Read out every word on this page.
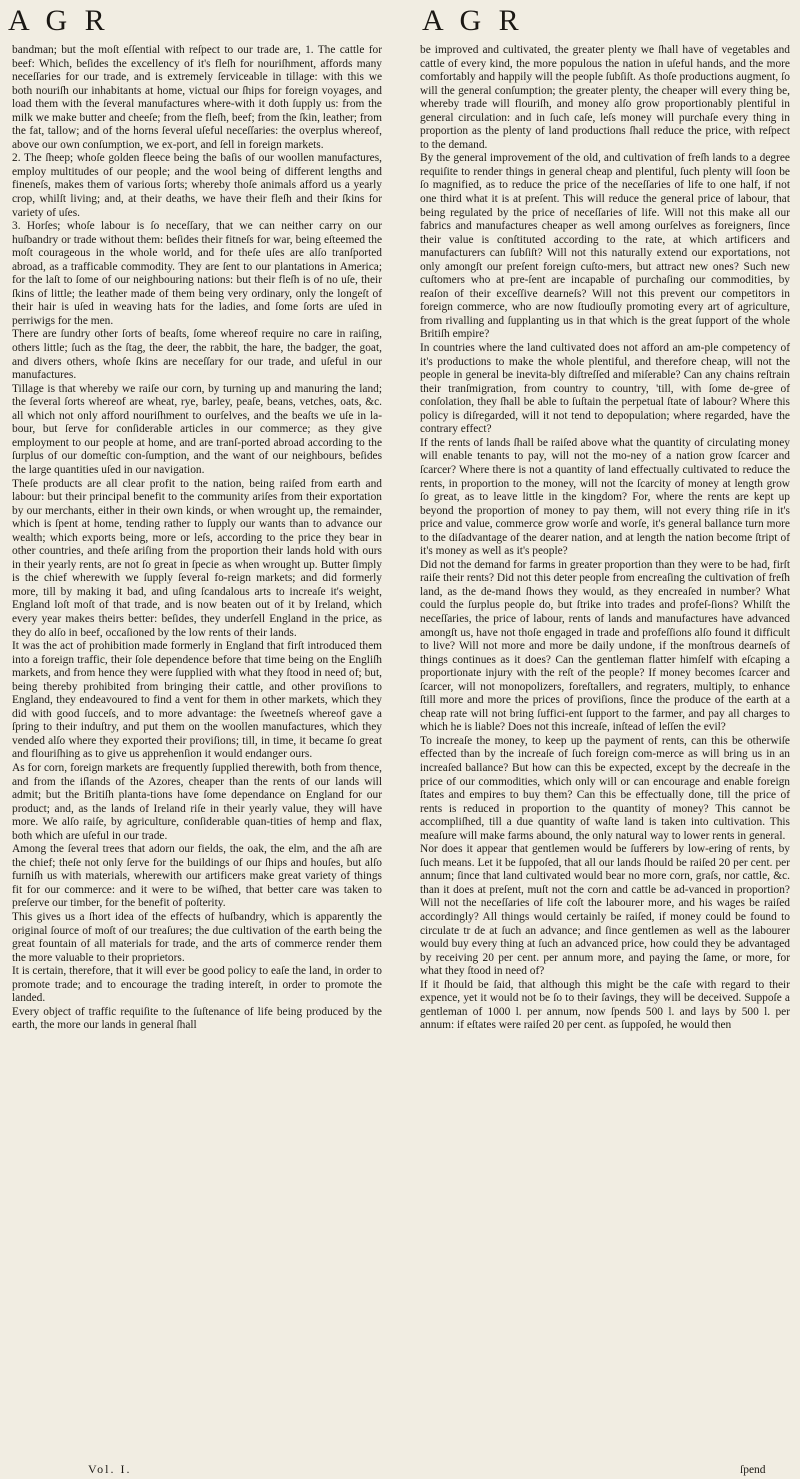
A G R	A G R

bandman; but the moſt eſſential with reſpect to our trade are, 1. The cattle for beef: Which, beſides the excellency of it's fleſh for nouriſhment, affords many neceſſaries for our trade, and is extremely ſerviceable in tillage: with this we both nouriſh our inhabitants at home, victual our ſhips for foreign voyages, and load them with the ſeveral manufactures where-with it doth ſupply us: from the milk we make butter and cheeſe; from the fleſh, beef; from the ſkin, leather; from the fat, tallow; and of the horns ſeveral uſeful neceſſaries: the overplus whereof, above our own conſumption, we ex-port, and ſell in foreign markets.

2. The ſheep; whoſe golden fleece being the baſis of our woollen manufactures, employ multitudes of our people; and the wool being of different lengths and fineneſs, makes them of various ſorts; whereby thoſe animals afford us a yearly crop, whilſt living; and, at their deaths, we have their fleſh and their ſkins for variety of uſes.

3. Horſes; whoſe labour is ſo neceſſary, that we can neither carry on our huſbandry or trade without them: beſides their fitneſs for war, being eſteemed the moſt courageous in the whole world, and for theſe uſes are alſo tranſported abroad, as a trafficable commodity. They are ſent to our plantations in America; for the laſt to ſome of our neighbouring nations: but their fleſh is of no uſe, their ſkins of little; the leather made of them being very ordinary, only the longeſt of their hair is uſed in weaving hats for the ladies, and ſome ſorts are uſed in perriwigs for the men.

There are ſundry other ſorts of beaſts, ſome whereof require no care in raiſing, others little; ſuch as the ſtag, the deer, the rabbit, the hare, the badger, the goat, and divers others, whoſe ſkins are neceſſary for our trade, and uſeful in our manufactures.

Tillage is that whereby we raiſe our corn, by turning up and manuring the land; the ſeveral ſorts whereof are wheat, rye, barley, peaſe, beans, vetches, oats, &c. all which not only afford nouriſhment to ourſelves, and the beaſts we uſe in la-bour, but ſerve for conſiderable articles in our commerce; as they give employment to our people at home, and are tranſ-ported abroad according to the ſurplus of our domeſtic con-ſumption, and the want of our neighbours, beſides the large quantities uſed in our navigation.

Theſe products are all clear profit to the nation, being raiſed from earth and labour: but their principal benefit to the community ariſes from their exportation by our merchants, either in their own kinds, or when wrought up, the remainder, which is ſpent at home, tending rather to ſupply our wants than to advance our wealth; which exports being, more or leſs, according to the price they bear in other countries, and theſe ariſing from the proportion their lands hold with ours in their yearly rents, are not ſo great in ſpecie as when wrought up. Butter ſimply is the chief wherewith we ſupply ſeveral fo-reign markets; and did formerly more, till by making it bad, and uſing ſcandalous arts to increaſe it's weight, England loſt moſt of that trade, and is now beaten out of it by Ireland, which every year makes theirs better: beſides, they underſell England in the price, as they do alſo in beef, occaſioned by the low rents of their lands.

It was the act of prohibition made formerly in England that firſt introduced them into a foreign traffic, their ſole dependence before that time being on the Engliſh markets, and from hence they were ſupplied with what they ſtood in need of; but, being thereby prohibited from bringing their cattle, and other proviſions to England, they endeavoured to find a vent for them in other markets, which they did with good ſucceſs, and to more advantage: the ſweetneſs whereof gave a ſpring to their induſtry, and put them on the woollen manufactures, which they vended alſo where they exported their proviſions; till, in time, it became ſo great and flouriſhing as to give us apprehenſion it would endanger ours.

As for corn, foreign markets are frequently ſupplied therewith, both from thence, and from the iſlands of the Azores, cheaper than the rents of our lands will admit; but the Britiſh planta-tions have ſome dependance on England for our product; and, as the lands of Ireland riſe in their yearly value, they will have more. We alſo raiſe, by agriculture, conſiderable quan-tities of hemp and flax, both which are uſeful in our trade.

Among the ſeveral trees that adorn our fields, the oak, the elm, and the aſh are the chief; theſe not only ſerve for the buildings of our ſhips and houſes, but alſo furniſh us with materials, wherewith our artificers make great variety of things fit for our commerce: and it were to be wiſhed, that better care was taken to preſerve our timber, for the benefit of poſterity.

This gives us a ſhort idea of the effects of huſbandry, which is apparently the original ſource of moſt of our treaſures; the due cultivation of the earth being the great fountain of all materials for trade, and the arts of commerce render them the more valuable to their proprietors.

It is certain, therefore, that it will ever be good policy to eaſe the land, in order to promote trade; and to encourage the trading intereſt, in order to promote the landed.

Every object of traffic requiſite to the ſuſtenance of life being produced by the earth, the more our lands in general ſhall

be improved and cultivated, the greater plenty we ſhall have of vegetables and cattle of every kind, the more populous the nation in uſeful hands, and the more comfortably and happily will the people ſubſiſt. As thoſe productions augment, ſo will the general conſumption; the greater plenty, the cheaper will every thing be, whereby trade will flouriſh, and money alſo grow proportionably plentiful in general circulation: and in ſuch caſe, leſs money will purchaſe every thing in proportion as the plenty of land productions ſhall reduce the price, with reſpect to the demand.

By the general improvement of the old, and cultivation of freſh lands to a degree requiſite to render things in general cheap and plentiful, ſuch plenty will ſoon be ſo magnified, as to reduce the price of the neceſſaries of life to one half, if not one third what it is at preſent. This will reduce the general price of labour, that being regulated by the price of neceſſaries of life. Will not this make all our fabrics and manufactures cheaper as well among ourſelves as foreigners, ſince their value is conſtituted according to the rate, at which artificers and manufacturers can ſubſiſt? Will not this naturally extend our exportations, not only amongſt our preſent foreign cuſto-mers, but attract new ones? Such new cuſtomers who at pre-ſent are incapable of purchaſing our commodities, by reaſon of their exceſſive dearneſs? Will not this prevent our competitors in foreign commerce, who are now ſtudiouſly promoting every art of agriculture, from rivalling and ſupplanting us in that which is the great ſupport of the whole Britiſh empire?

In countries where the land cultivated does not afford an am-ple competency of it's productions to make the whole plentiful, and therefore cheap, will not the people in general be inevita-bly diſtreſſed and miſerable? Can any chains reſtrain their tranſmigration, from country to country, 'till, with ſome de-gree of conſolation, they ſhall be able to ſuſtain the perpetual ſtate of labour? Where this policy is diſregarded, will it not tend to depopulation; where regarded, have the contrary effect?

If the rents of lands ſhall be raiſed above what the quantity of circulating money will enable tenants to pay, will not the mo-ney of a nation grow ſcarcer and ſcarcer? Where there is not a quantity of land effectually cultivated to reduce the rents, in proportion to the money, will not the ſcarcity of money at length grow ſo great, as to leave little in the kingdom? For, where the rents are kept up beyond the proportion of money to pay them, will not every thing riſe in it's price and value, commerce grow worſe and worſe, it's general ballance turn more to the diſadvantage of the dearer nation, and at length the nation become ſtript of it's money as well as it's people?

Did not the demand for farms in greater proportion than they were to be had, firſt raiſe their rents? Did not this deter people from encreaſing the cultivation of freſh land, as the de-mand ſhows they would, as they encreaſed in number? What could the ſurplus people do, but ſtrike into trades and profeſ-ſions? Whilſt the neceſſaries, the price of labour, rents of lands and manufactures have advanced amongſt us, have not thoſe engaged in trade and profeſſions alſo found it difficult to live? Will not more and more be daily undone, if the monſtrous dearneſs of things continues as it does? Can the gentleman flatter himſelf with eſcaping a proportionate injury with the reſt of the people? If money becomes ſcarcer and ſcarcer, will not monopolizers, foreſtallers, and regraters, multiply, to enhance ſtill more and more the prices of proviſions, ſince the produce of the earth at a cheap rate will not bring ſuffici-ent ſupport to the farmer, and pay all charges to which he is liable? Does not this increaſe, inſtead of leſſen the evil?

To increaſe the money, to keep up the payment of rents, can this be otherwiſe effected than by the increaſe of ſuch foreign com-merce as will bring us in an increaſed ballance? But how can this be expected, except by the decreaſe in the price of our commodities, which only will or can encourage and enable foreign ſtates and empires to buy them? Can this be effectually done, till the price of rents is reduced in proportion to the quantity of money? This cannot be accompliſhed, till a due quantity of waſte land is taken into cultivation. This meaſure will make farms abound, the only natural way to lower rents in general.

Nor does it appear that gentlemen would be ſufferers by low-ering of rents, by ſuch means. Let it be ſuppoſed, that all our lands ſhould be raiſed 20 per cent. per annum; ſince that land cultivated would bear no more corn, graſs, nor cattle, &c. than it does at preſent, muſt not the corn and cattle be ad-vanced in proportion? Will not the neceſſaries of life coſt the labourer more, and his wages be raiſed accordingly? All things would certainly be raiſed, if money could be found to circulate tr de at ſuch an advance; and ſince gentlemen as well as the labourer would buy every thing at ſuch an advanced price, how could they be advantaged by receiving 20 per cent. per annum more, and paying the ſame, or more, for what they ſtood in need of?

If it ſhould be ſaid, that although this might be the caſe with regard to their expence, yet it would not be ſo to their ſavings, they will be deceived. Suppoſe a gentleman of 1000 l. per annum, now ſpends 500 l. and lays by 500 l. per annum: if eſtates were raiſed 20 per cent. as ſuppoſed, he would then

Vol. I.	ſpend
